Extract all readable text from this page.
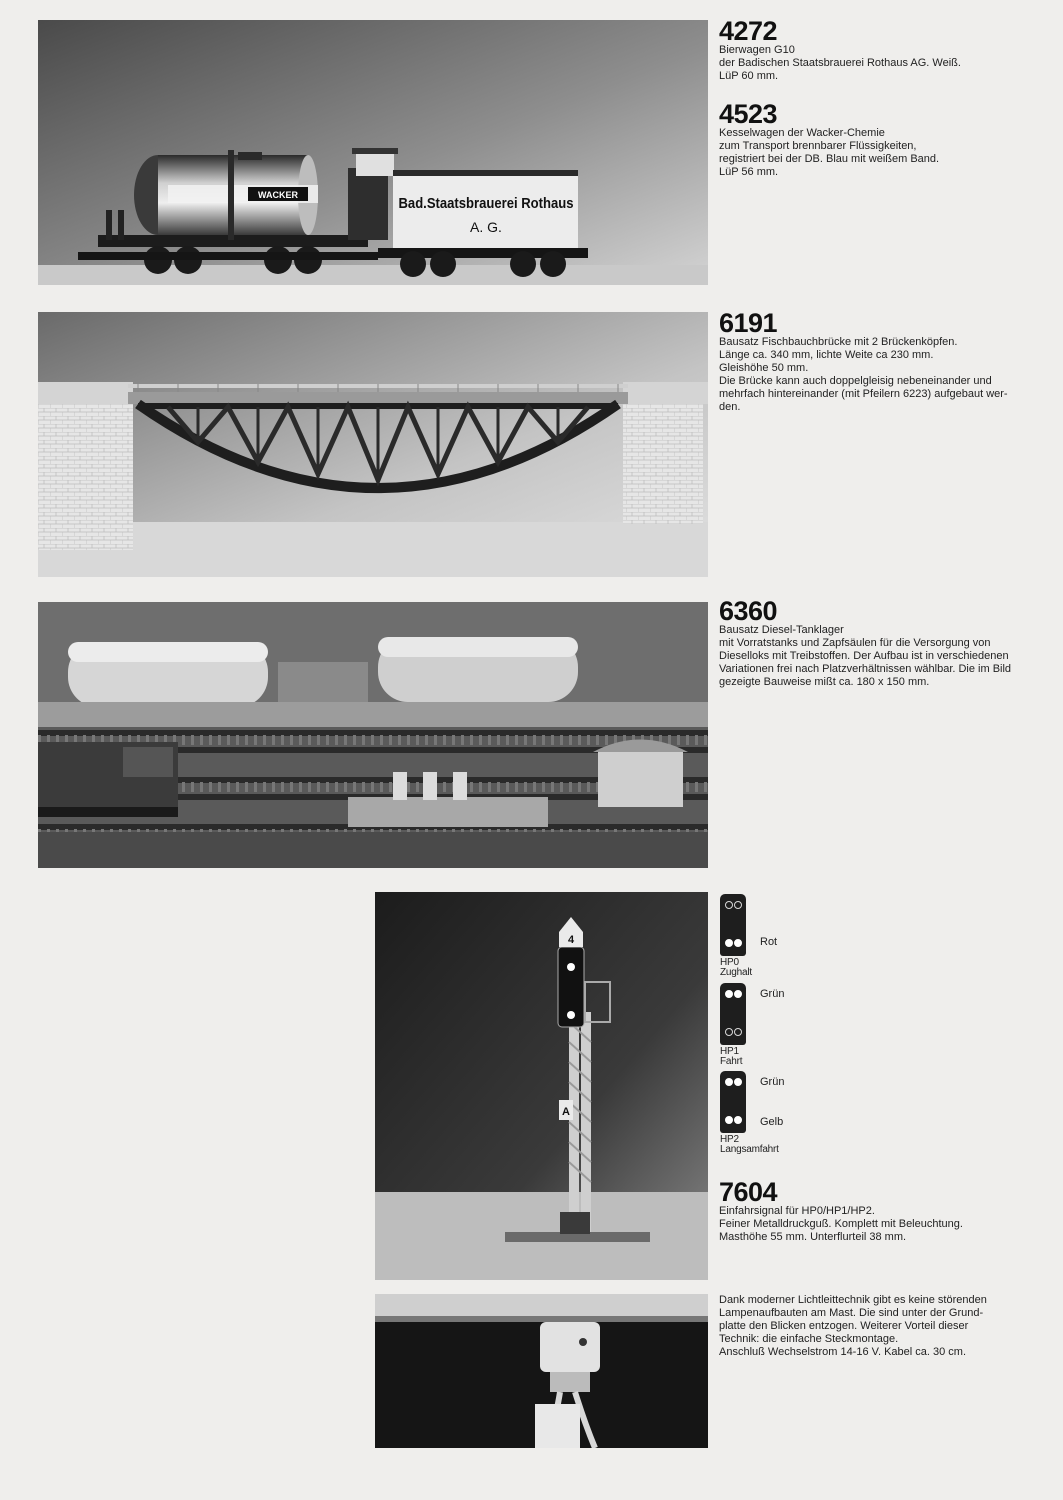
WACKER	Bad.Staatsbrauerei Rothaus
A. G.
4272
Bierwagen G10
der Badischen Staatsbrauerei Rothaus AG. Weiß.
LüP 60 mm.
4523
Kesselwagen der Wacker-Chemie
zum Transport brennbarer Flüssigkeiten,
registriert bei der DB. Blau mit weißem Band.
LüP 56 mm.
6191
Bausatz Fischbauchbrücke mit 2 Brückenköpfen.
Länge ca. 340 mm, lichte Weite ca 230 mm.
Gleishöhe 50 mm.
Die Brücke kann auch doppelgleisig nebeneinander und
mehrfach hintereinander (mit Pfeilern 6223) aufgebaut wer-
den.
6360
Bausatz Diesel-Tanklager
mit Vorratstanks und Zapfsäulen für die Versorgung von
Dieselloks mit Treibstoffen. Der Aufbau ist in verschiedenen
Variationen frei nach Platzverhältnissen wählbar. Die im Bild
gezeigte Bauweise mißt ca. 180 x 150 mm.
4
A
Rot
HP0
Zughalt
Grün
HP1
Fahrt
Grün
Gelb
HP2
Langsamfahrt
7604
Einfahrsignal für HP0/HP1/HP2.
Feiner Metalldruckguß. Komplett mit Beleuchtung.
Masthöhe 55 mm. Unterflurteil 38 mm.
Dank moderner Lichtleittechnik gibt es keine störenden
Lampenaufbauten am Mast. Die sind unter der Grund-
platte den Blicken entzogen. Weiterer Vorteil dieser
Technik: die einfache Steckmontage.
Anschluß Wechselstrom 14-16 V. Kabel ca. 30 cm.
